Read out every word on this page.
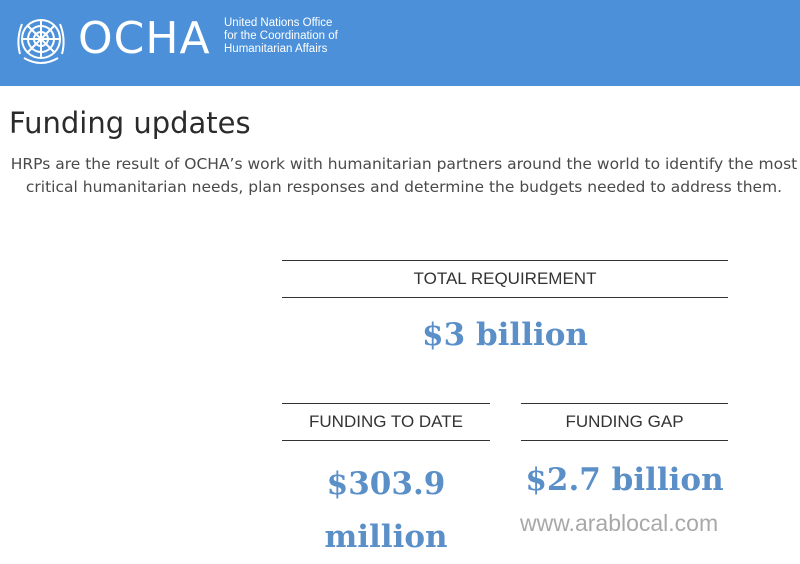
OCHA United Nations Office
for the Coordination of
Humanitarian Affairs
Funding updates

HRPs are the result of OCHA’s work with humanitarian partners around the world to identify the most critical humanitarian needs, plan responses and determine the budgets needed to address them.

TOTAL REQUIREMENT
$3 billion
FUNDING TO DATE
$303.9 million
FUNDING GAP
$2.7 billion
www.arablocal.com
